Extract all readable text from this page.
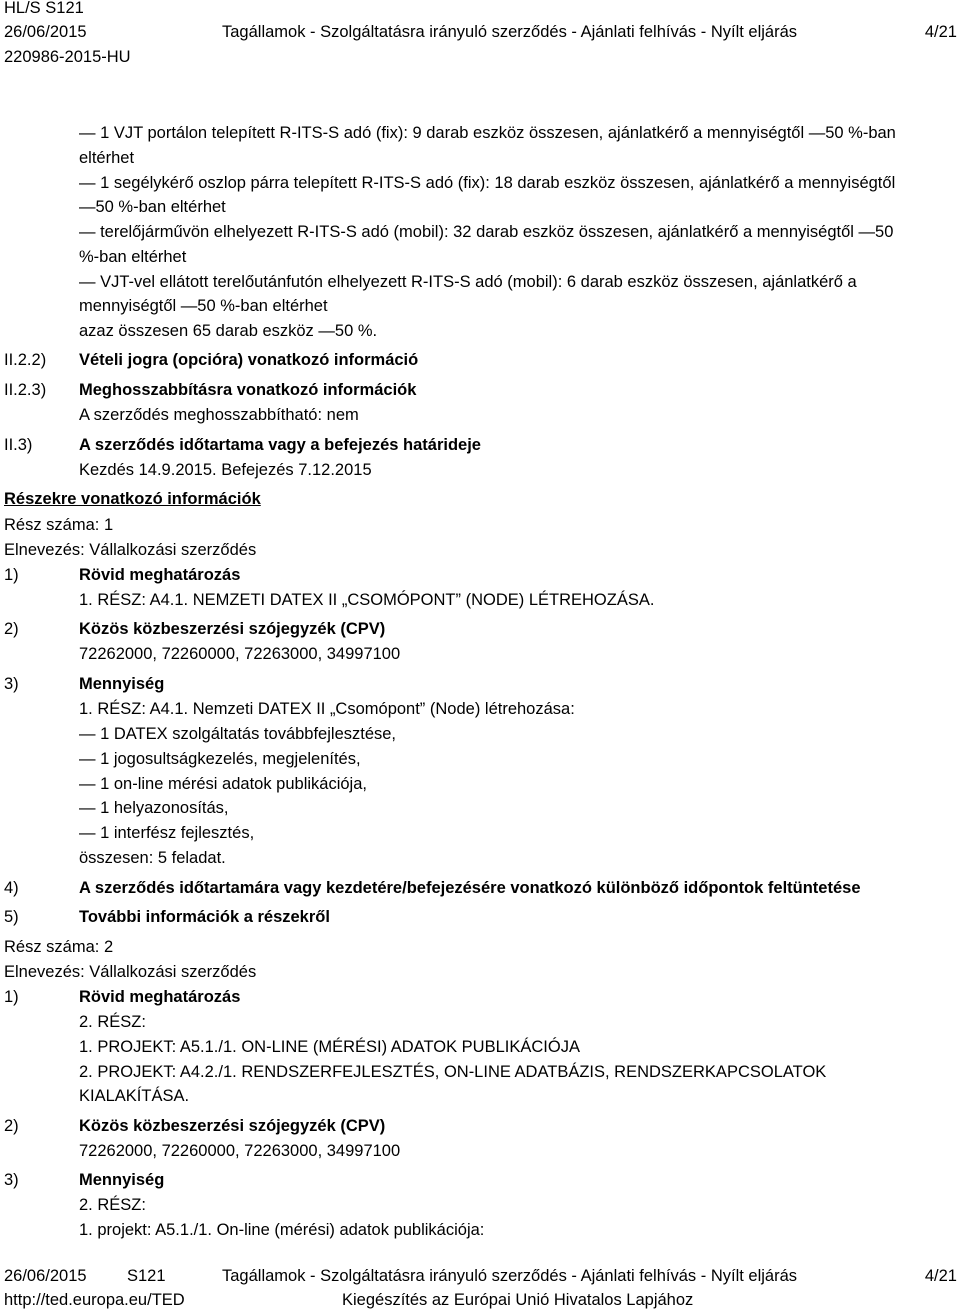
HL/S S121
26/06/2015	Tagállamok - Szolgáltatásra irányuló szerződés - Ajánlati felhívás - Nyílt eljárás	4/21
220986-2015-HU
— 1 VJT portálon telepített R-ITS-S adó (fix): 9 darab eszköz összesen, ajánlatkérő a mennyiségtől —50 %-ban
eltérhet
— 1 segélykérő oszlop párra telepített R-ITS-S adó (fix): 18 darab eszköz összesen, ajánlatkérő a mennyiségtől
—50 %-ban eltérhet
— terelőjárművön elhelyezett R-ITS-S adó (mobil): 32 darab eszköz összesen, ajánlatkérő a mennyiségtől —50
%-ban eltérhet
— VJT-vel ellátott terelőutánfutón elhelyezett R-ITS-S adó (mobil): 6 darab eszköz összesen, ajánlatkérő a
mennyiségtől —50 %-ban eltérhet
azaz összesen 65 darab eszköz —50 %.
II.2.2) Vételi jogra (opcióra) vonatkozó információ
II.2.3) Meghosszabbításra vonatkozó információk
A szerződés meghosszabbítható: nem
II.3)	A szerződés időtartama vagy a befejezés határideje
Kezdés 14.9.2015. Befejezés 7.12.2015
Részekre vonatkozó információk
Rész száma: 1
Elnevezés: Vállalkozási szerződés
1)	Rövid meghatározás
1. RÉSZ: A4.1. NEMZETI DATEX II „CSOMÓPONT” (NODE) LÉTREHOZÁSA.
2)	Közös közbeszerzési szójegyzék (CPV)
72262000, 72260000, 72263000, 34997100
3)	Mennyiség
1. RÉSZ: A4.1. Nemzeti DATEX II „Csomópont” (Node) létrehozása:
— 1 DATEX szolgáltatás továbbfejlesztése,
— 1 jogosultságkezelés, megjelenítés,
— 1 on-line mérési adatok publikációja,
— 1 helyazonosítás,
— 1 interfész fejlesztés,
összesen: 5 feladat.
4)	A szerződés időtartamára vagy kezdetére/befejezésére vonatkozó különböző időpontok feltüntetése
5)	További információk a részekről
Rész száma: 2
Elnevezés: Vállalkozási szerződés
1)	Rövid meghatározás
2. RÉSZ:
1. PROJEKT: A5.1./1. ON-LINE (MÉRÉSI) ADATOK PUBLIKÁCIÓJA
2. PROJEKT: A4.2./1. RENDSZERFEJLESZTÉS, ON-LINE ADATBÁZIS, RENDSZERKAPCSOLATOK
KIALAKÍTÁSA.
2)	Közös közbeszerzési szójegyzék (CPV)
72262000, 72260000, 72263000, 34997100
3)	Mennyiség
2. RÉSZ:
1. projekt: A5.1./1. On-line (mérési) adatok publikációja:
26/06/2015 S121	Tagállamok - Szolgáltatásra irányuló szerződés - Ajánlati felhívás - Nyílt eljárás	4/21
http://ted.europa.eu/TED	Kiegészítés az Európai Unió Hivatalos Lapjához
